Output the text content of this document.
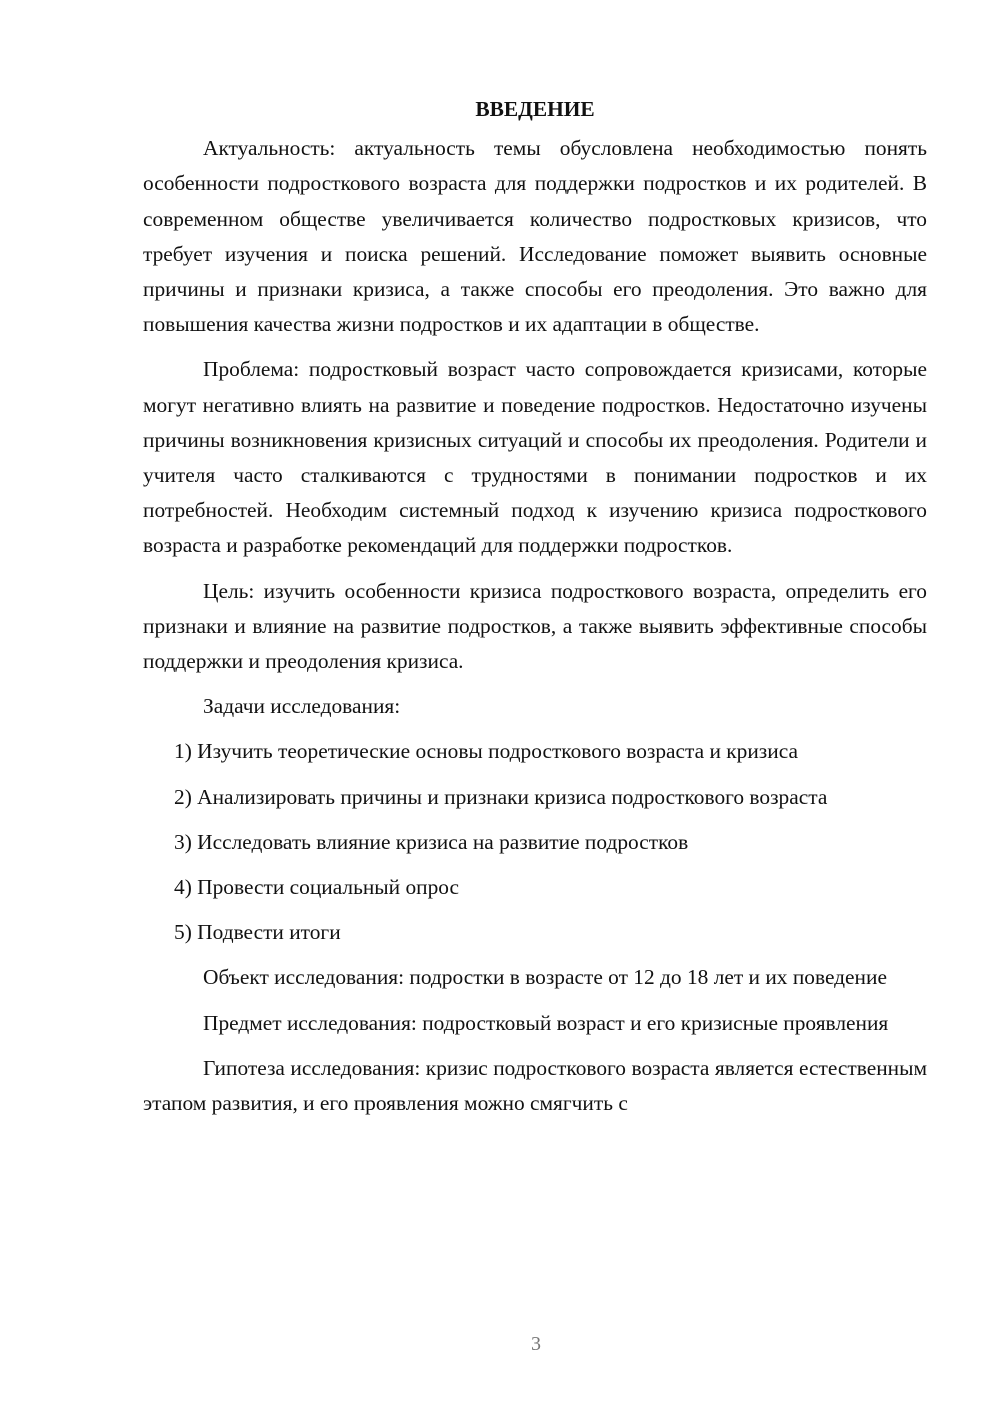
ВВЕДЕНИЕ

Актуальность: актуальность темы обусловлена необходимостью понять особенности подросткового возраста для поддержки подростков и их родителей. В современном обществе увеличивается количество подростковых кризисов, что требует изучения и поиска решений. Исследование поможет выявить основные причины и признаки кризиса, а также способы его преодоления. Это важно для повышения качества жизни подростков и их адаптации в обществе.

Проблема: подростковый возраст часто сопровождается кризисами, которые могут негативно влиять на развитие и поведение подростков. Недостаточно изучены причины возникновения кризисных ситуаций и способы их преодоления. Родители и учителя часто сталкиваются с трудностями в понимании подростков и их потребностей. Необходим системный подход к изучению кризиса подросткового возраста и разработке рекомендаций для поддержки подростков.

Цель: изучить особенности кризиса подросткового возраста, определить его признаки и влияние на развитие подростков, а также выявить эффективные способы поддержки и преодоления кризиса.

Задачи исследования:

1) Изучить теоретические основы подросткового возраста и кризиса

2) Анализировать причины и признаки кризиса подросткового возраста

3) Исследовать влияние кризиса на развитие подростков

4) Провести социальный опрос

5) Подвести итоги

Объект исследования: подростки в возрасте от 12 до 18 лет и их поведение

Предмет исследования: подростковый возраст и его кризисные проявления

Гипотеза исследования: кризис подросткового возраста является естественным этапом развития, и его проявления можно смягчить с

3
